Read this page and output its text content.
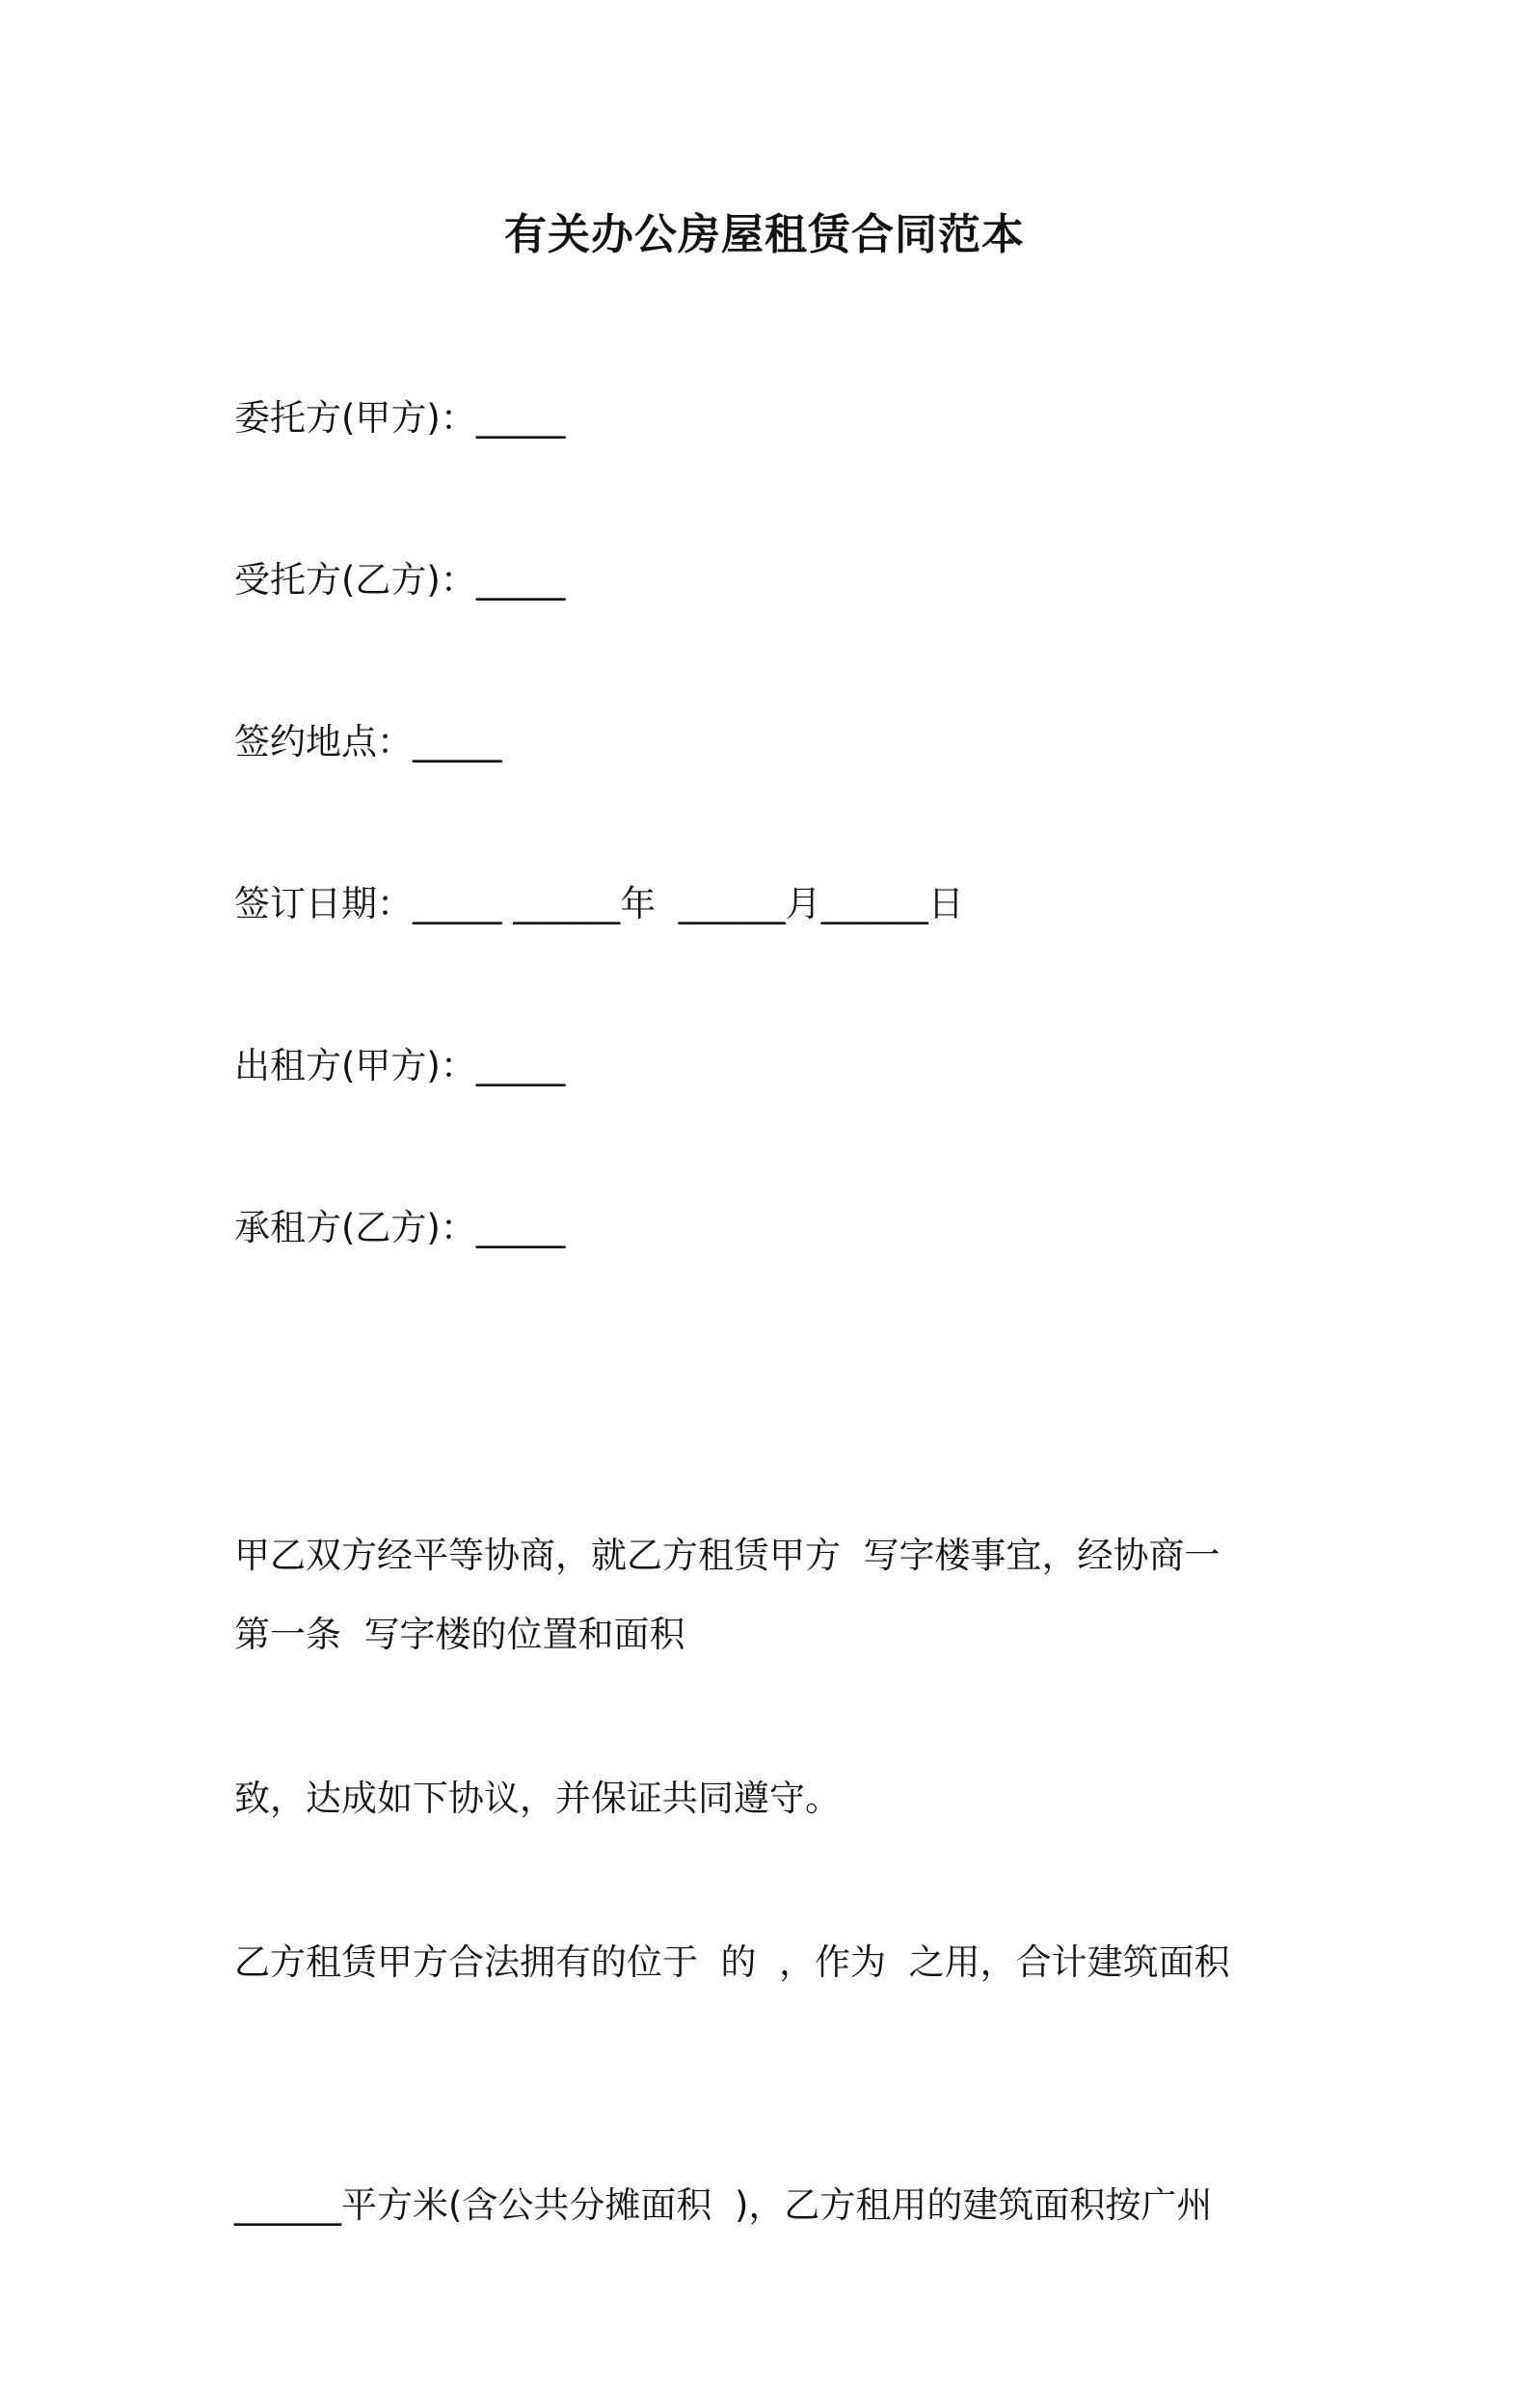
有关办公房屋租赁合同范本
委托方(甲方)：_____
受托方(乙方)：_____
签约地点：_____
签订日期：_____ ______年  ______月______日
出租方(甲方)：_____
承租方(乙方)：_____

甲乙双方经平等协商，就乙方租赁甲方  写字楼事宜，经协商一

致，达成如下协议，并保证共同遵守。

第一条  写字楼的位置和面积

乙方租赁甲方合法拥有的位于  的  ，作为  之用，合计建筑面积

______平方米(含公共分摊面积  )，乙方租用的建筑面积按广州
